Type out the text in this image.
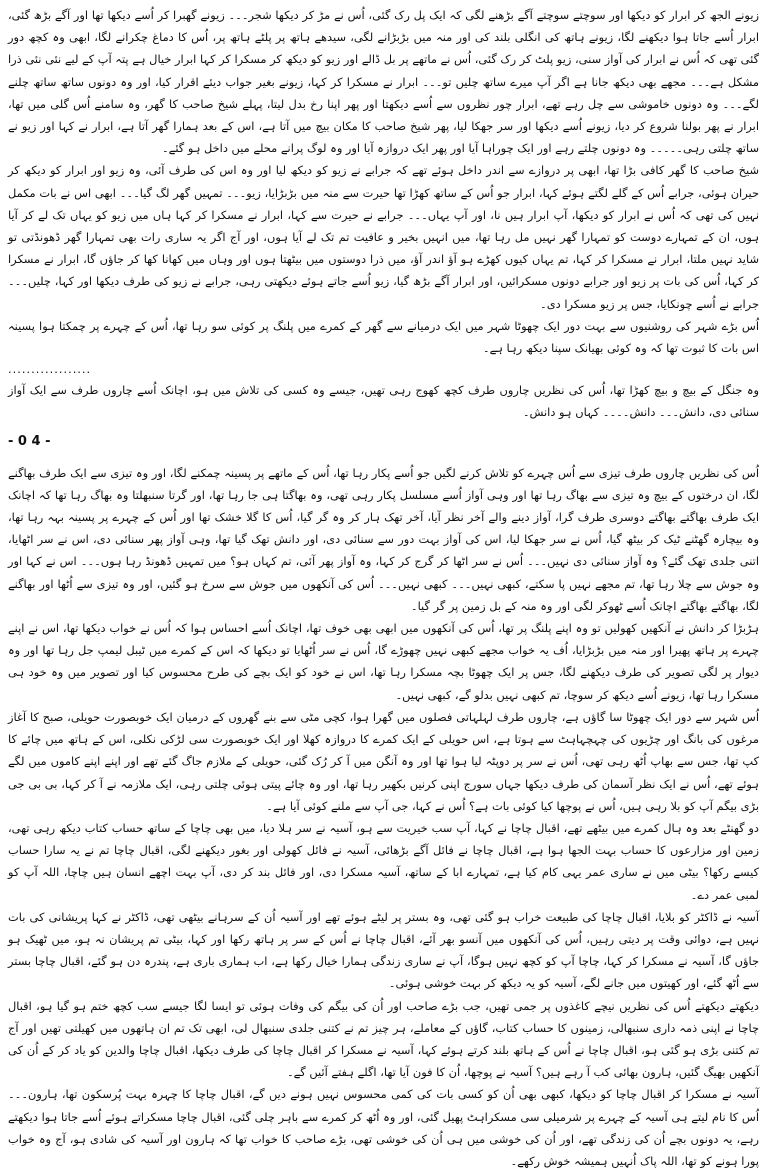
زیونے الجھ کر ابرار کو دیکھا اور سوچتے سوچتے آگے بڑھنے لگی کہ ایک پل رک گئی، اُس نے مڑ کر دیکھا شجر۔۔۔ زیونے گھبرا کر اُسے دیکھا تھا اور آگے بڑھ گئی، ابرار اُسے جاتا ہوا دیکھنے لگا، زیونے ہاتھ کی انگلی بلند کی اور منہ میں بڑبڑانے لگی، سیدھے ہاتھ پر پلٹے ہاتھ پر، اُس کا دماغ چکرانے لگا، ابھی وہ کچھ دور گئی تھی کہ اُس نے ابرار کی آواز سنی، زیو پلٹ کر رک گئی، اُس نے ماتھے پر بل ڈالے اور زیو کو دیکھ کر مسکرا کر کہا ابرار خیال ہے پتہ آپ کے لیے نئی نئی ذرا مشکل ہے۔۔۔ مجھے بھی دیکھ جانا ہے اگر آپ میرے ساتھ چلیں تو۔۔۔ ابرار نے مسکرا کر کہا، زیونے بغیر جواب دیئے اقرار کیا، اور وہ دونوں ساتھ ساتھ چلنے لگے۔۔۔ وہ دونوں خاموشی سے چل رہے تھے، ابرار چور نظروں سے اُسے دیکھتا اور پھر اپنا رخ بدل لیتا، پہلے شیخ صاحب کا گھر، وہ سامنے اُس گلی میں تھا، ابرار نے پھر بولنا شروع کر دیا، زیونے اُسے دیکھا اور سر جھکا لیا، پھر شیخ صاحب کا مکان بیچ میں آتا ہے، اس کے بعد ہمارا گھر آتا ہے، ابرار نے کہا اور زیو نے ساتھ چلتی رہی۔۔۔۔۔ وہ دونوں چلتے رہے اور ایک چوراہا آیا اور پھر ایک دروازہ آیا اور وہ لوگ پرانے محلے میں داخل ہو گئے۔

شیخ صاحب کا گھر کافی بڑا تھا، ابھی پر دروازے سے اندر داخل ہوئے تھے کہ جرابے نے زیو کو دیکھ لیا اور وہ اس کی طرف آئی، وہ زیو اور ابرار کو دیکھ کر حیران ہوئی، جرابے اُس کے گلے لگتے ہوئے کہا، ابرار جو اُس کے ساتھ کھڑا تھا حیرت سے منہ میں بڑبڑایا، زیو۔۔۔ تمہیں گھر لگ گیا۔۔۔ ابھی اس نے بات مکمل نہیں کی تھی کہ اُس نے ابرار کو دیکھا، آپ ابرار ہیں نا، اور آپ یہاں۔۔۔ جرابے نے حیرت سے کہا، ابرار نے مسکرا کر کہا ہاں میں زیو کو یہاں تک لے کر آیا ہوں، ان کے تمہارے دوست کو تمہارا گھر نہیں مل رہا تھا، میں انہیں بخیر و عافیت تم تک لے آیا ہوں، اور آج اگر یہ ساری رات بھی تمہارا گھر ڈھونڈتی تو شاید نہیں ملتا، ابرار نے مسکرا کر کہا، تم یہاں کیوں کھڑے ہو آؤ اندر آؤ، میں ذرا دوستوں میں بیٹھتا ہوں اور وہاں میں کھانا کھا کر جاؤں گا، ابرار نے مسکرا کر کہا، اُس کی بات پر زیو اور جرابے دونوں مسکرائیں، اور ابرار آگے بڑھ گیا، زیو اُسے جاتے ہوئے دیکھتی رہی، جرابے نے زیو کی طرف دیکھا اور کہا، چلیں۔۔۔ جرابے نے اُسے چونکایا، جس پر زیو مسکرا دی۔

اُس بڑے شہر کی روشنیوں سے بہت دور ایک چھوٹا شہر میں ایک درمیانے سے گھر کے کمرے میں پلنگ پر کوئی سو رہا تھا، اُس کے چہرے پر چمکتا ہوا پسینہ اس بات کا ثبوت تھا کہ وہ کوئی بھیانک سپنا دیکھ رہا ہے۔

..................

وہ جنگل کے بیچ و بیچ کھڑا تھا، اُس کی نظریں چاروں طرف کچھ کھوج رہی تھیں، جیسے وہ کسی کی تلاش میں ہو، اچانک اُسے چاروں طرف سے ایک آواز سنائی دی، دانش۔۔۔ دانش۔۔۔۔ کہاں ہو دانش۔

- 0 4 -

اُس کی نظریں چاروں طرف تیزی سے اُس چہرے کو تلاش کرنے لگیں جو اُسے پکار رہا تھا، اُس کے ماتھے پر پسینہ چمکنے لگا، اور وہ تیزی سے ایک طرف بھاگنے لگا، ان درختوں کے بیچ وہ تیزی سے بھاگ رہا تھا اور وہی آواز اُسے مسلسل پکار رہی تھی، وہ بھاگتا ہی جا رہا تھا، اور گرتا سنبھلتا وہ بھاگ رہا تھا کہ اچانک ایک طرف بھاگتے بھاگتے دوسری طرف گرا، آواز دینے والے آخر نظر آیا، آخر تھک ہار کر وہ گر گیا، اُس کا گلا خشک تھا اور اُس کے چہرے پر پسینہ بہہ رہا تھا، وہ بیچارہ گھٹنے ٹیک کر بیٹھ گیا، اُس نے سر جھکا لیا، اس کی آواز بہت دور سے سنائی دی، اور دانش تھک گیا تھا، وہی آواز پھر سنائی دی، اس نے سر اٹھایا، اتنی جلدی تھک گئے؟ وہ آواز سنائی دی نہیں۔۔۔ اُس نے سر اٹھا کر گرج کر کہا، وہ آواز پھر آئی، تم کہاں ہو؟ میں تمہیں ڈھونڈ رہا ہوں۔۔۔ اس نے کہا اور وہ جوش سے چلا رہا تھا، تم مجھے نہیں پا سکتے، کبھی نہیں۔۔۔ کبھی نہیں۔۔۔ اُس کی آنکھوں میں جوش سے سرخ ہو گئیں، اور وہ تیزی سے اُٹھا اور بھاگنے لگا، بھاگتے بھاگتے اچانک اُسے ٹھوکر لگی اور وہ منہ کے بل زمین پر گر گیا۔

ہڑبڑا کر دانش نے آنکھیں کھولیں تو وہ اپنے پلنگ پر تھا، اُس کی آنکھوں میں ابھی بھی خوف تھا، اچانک اُسے احساس ہوا کہ اُس نے خواب دیکھا تھا، اس نے اپنے چہرے پر ہاتھ پھیرا اور منہ میں بڑبڑایا، اُف یہ خواب مجھے کبھی نہیں چھوڑے گا، اُس نے سر اُٹھایا تو دیکھا کہ اس کے کمرے میں ٹیبل لیمپ جل رہا تھا اور وہ دیوار پر لگی تصویر کی طرف دیکھنے لگا، جس پر ایک چھوٹا بچہ مسکرا رہا تھا، اس نے خود کو ایک بچے کی طرح محسوس کیا اور تصویر میں وہ خود ہی مسکرا رہا تھا، زیونے اُسے دیکھ کر سوچا، تم کبھی نہیں بدلو گے، کبھی نہیں۔

اُس شہر سے دور ایک چھوٹا سا گاؤں ہے، چاروں طرف لہلہاتی فصلوں میں گھرا ہوا، کچی مٹی سے بنے گھروں کے درمیان ایک خوبصورت حویلی، صبح کا آغاز مرغوں کی بانگ اور چڑیوں کی چہچہاہٹ سے ہوتا ہے، اس حویلی کے ایک کمرے کا دروازہ کھلا اور ایک خوبصورت سی لڑکی نکلی، اس کے ہاتھ میں چائے کا کپ تھا، جس سے بھاپ اُٹھ رہی تھی، اُس نے سر پر دوپٹہ لیا ہوا تھا اور وہ آنگن میں آ کر رُک گئی، حویلی کے ملازم جاگ گئے تھے اور اپنے اپنے کاموں میں لگے ہوئے تھے، اُس نے ایک نظر آسمان کی طرف دیکھا جہاں سورج اپنی کرنیں بکھیر رہا تھا، اور وہ چائے پیتی ہوئی چلتی رہی، ایک ملازمہ نے آ کر کہا، بی بی جی بڑی بیگم آپ کو بلا رہی ہیں، اُس نے پوچھا کیا کوئی بات ہے؟ اُس نے کہا، جی آپ سے ملنے کوئی آیا ہے۔

دو گھنٹے بعد وہ ہال کمرے میں بیٹھے تھے، اقبال چاچا نے کہا، آپ سب خیریت سے ہو، آسیہ نے سر ہلا دیا، میں بھی چاچا کے ساتھ حساب کتاب دیکھ رہی تھی، زمین اور مزارعوں کا حساب بہت الجھا ہوا ہے، اقبال چاچا نے فائل آگے بڑھائی، آسیہ نے فائل کھولی اور بغور دیکھنے لگی، اقبال چاچا تم نے یہ سارا حساب کیسے رکھا؟ بیٹی میں نے ساری عمر یہی کام کیا ہے، تمہارے ابا کے ساتھ، آسیہ مسکرا دی، اور فائل بند کر دی، آپ بہت اچھے انسان ہیں چاچا، اللہ آپ کو لمبی عمر دے۔

آسیہ نے ڈاکٹر کو بلایا، اقبال چاچا کی طبیعت خراب ہو گئی تھی، وہ بستر پر لیٹے ہوئے تھے اور آسیہ اُن کے سرہانے بیٹھی تھی، ڈاکٹر نے کہا پریشانی کی بات نہیں ہے، دوائی وقت پر دیتی رہیں، اُس کی آنکھوں میں آنسو بھر آئے، اقبال چاچا نے اُس کے سر پر ہاتھ رکھا اور کہا، بیٹی تم پریشان نہ ہو، میں ٹھیک ہو جاؤں گا، آسیہ نے مسکرا کر کہا، چاچا آپ کو کچھ نہیں ہوگا، آپ نے ساری زندگی ہمارا خیال رکھا ہے، اب ہماری باری ہے، پندرہ دن ہو گئے، اقبال چاچا بستر سے اُٹھ گئے، اور کھیتوں میں جانے لگے، آسیہ کو یہ دیکھ کر بہت خوشی ہوئی۔

دیکھتے دیکھتے اُس کی نظریں نیچے کاغذوں پر جمی تھیں، جب بڑے صاحب اور اُن کی بیگم کی وفات ہوئی تو ایسا لگا جیسے سب کچھ ختم ہو گیا ہو، اقبال چاچا نے اپنی ذمہ داری سنبھالی، زمینوں کا حساب کتاب، گاؤں کے معاملے، ہر چیز تم نے کتنی جلدی سنبھال لی، ابھی تک تم ان ہاتھوں میں کھیلتی تھیں اور آج تم کتنی بڑی ہو گئی ہو، اقبال چاچا نے اُس کے ہاتھ بلند کرتے ہوئے کہا، آسیہ نے مسکرا کر اقبال چاچا کی طرف دیکھا، اقبال چاچا والدین کو یاد کر کے اُن کی آنکھیں بھیگ گئیں، ہارون بھائی کب آ رہے ہیں؟ آسیہ نے پوچھا، اُن کا فون آیا تھا، اگلے ہفتے آئیں گے۔

آسیہ نے مسکرا کر اقبال چاچا کو دیکھا، کبھی بھی اُن کو کسی بات کی کمی محسوس نہیں ہونے دیں گے، اقبال چاچا کا چہرہ بہت پُرسکون تھا، ہارون۔۔۔ اُس کا نام لیتے ہی آسیہ کے چہرے پر شرمیلی سی مسکراہٹ پھیل گئی، اور وہ اُٹھ کر کمرے سے باہر چلی گئی، اقبال چاچا مسکراتے ہوئے اُسے جاتا ہوا دیکھتے رہے، یہ دونوں بچے اُن کی زندگی تھے، اور اُن کی خوشی میں ہی اُن کی خوشی تھی، بڑے صاحب کا خواب تھا کہ ہارون اور آسیہ کی شادی ہو، آج وہ خواب پورا ہونے کو تھا، اللہ پاک اُنہیں ہمیشہ خوش رکھے۔
